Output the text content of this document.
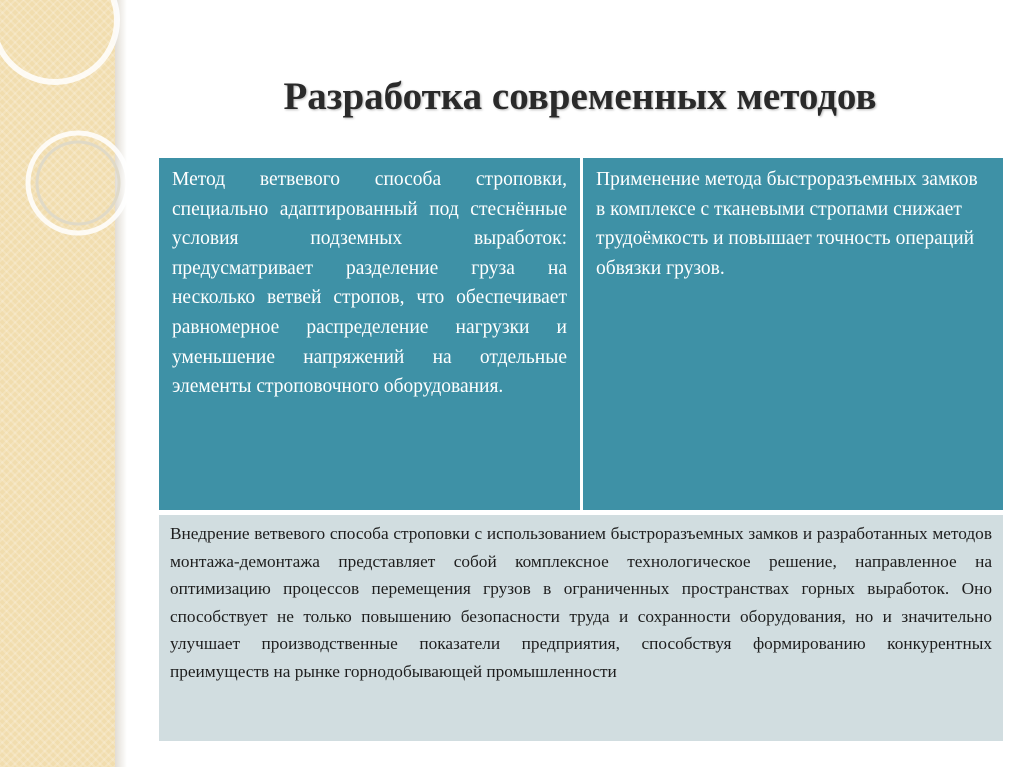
Разработка современных методов
Метод ветвевого способа строповки, специально адаптированный под стеснённые условия подземных выработок: предусматривает разделение груза на несколько ветвей стропов, что обеспечивает равномерное распределение нагрузки и уменьшение напряжений на отдельные элементы строповочного оборудования.
Применение метода быстроразъемных замков в комплексе с тканевыми стропами снижает трудоёмкость и повышает точность операций обвязки грузов.
Внедрение ветвевого способа строповки с использованием быстроразъемных замков и разработанных методов монтажа-демонтажа представляет собой комплексное технологическое решение, направленное на оптимизацию процессов перемещения грузов в ограниченных пространствах горных выработок. Оно способствует не только повышению безопасности труда и сохранности оборудования, но и значительно улучшает производственные показатели предприятия, способствуя формированию конкурентных преимуществ на рынке горнодобывающей промышленности
